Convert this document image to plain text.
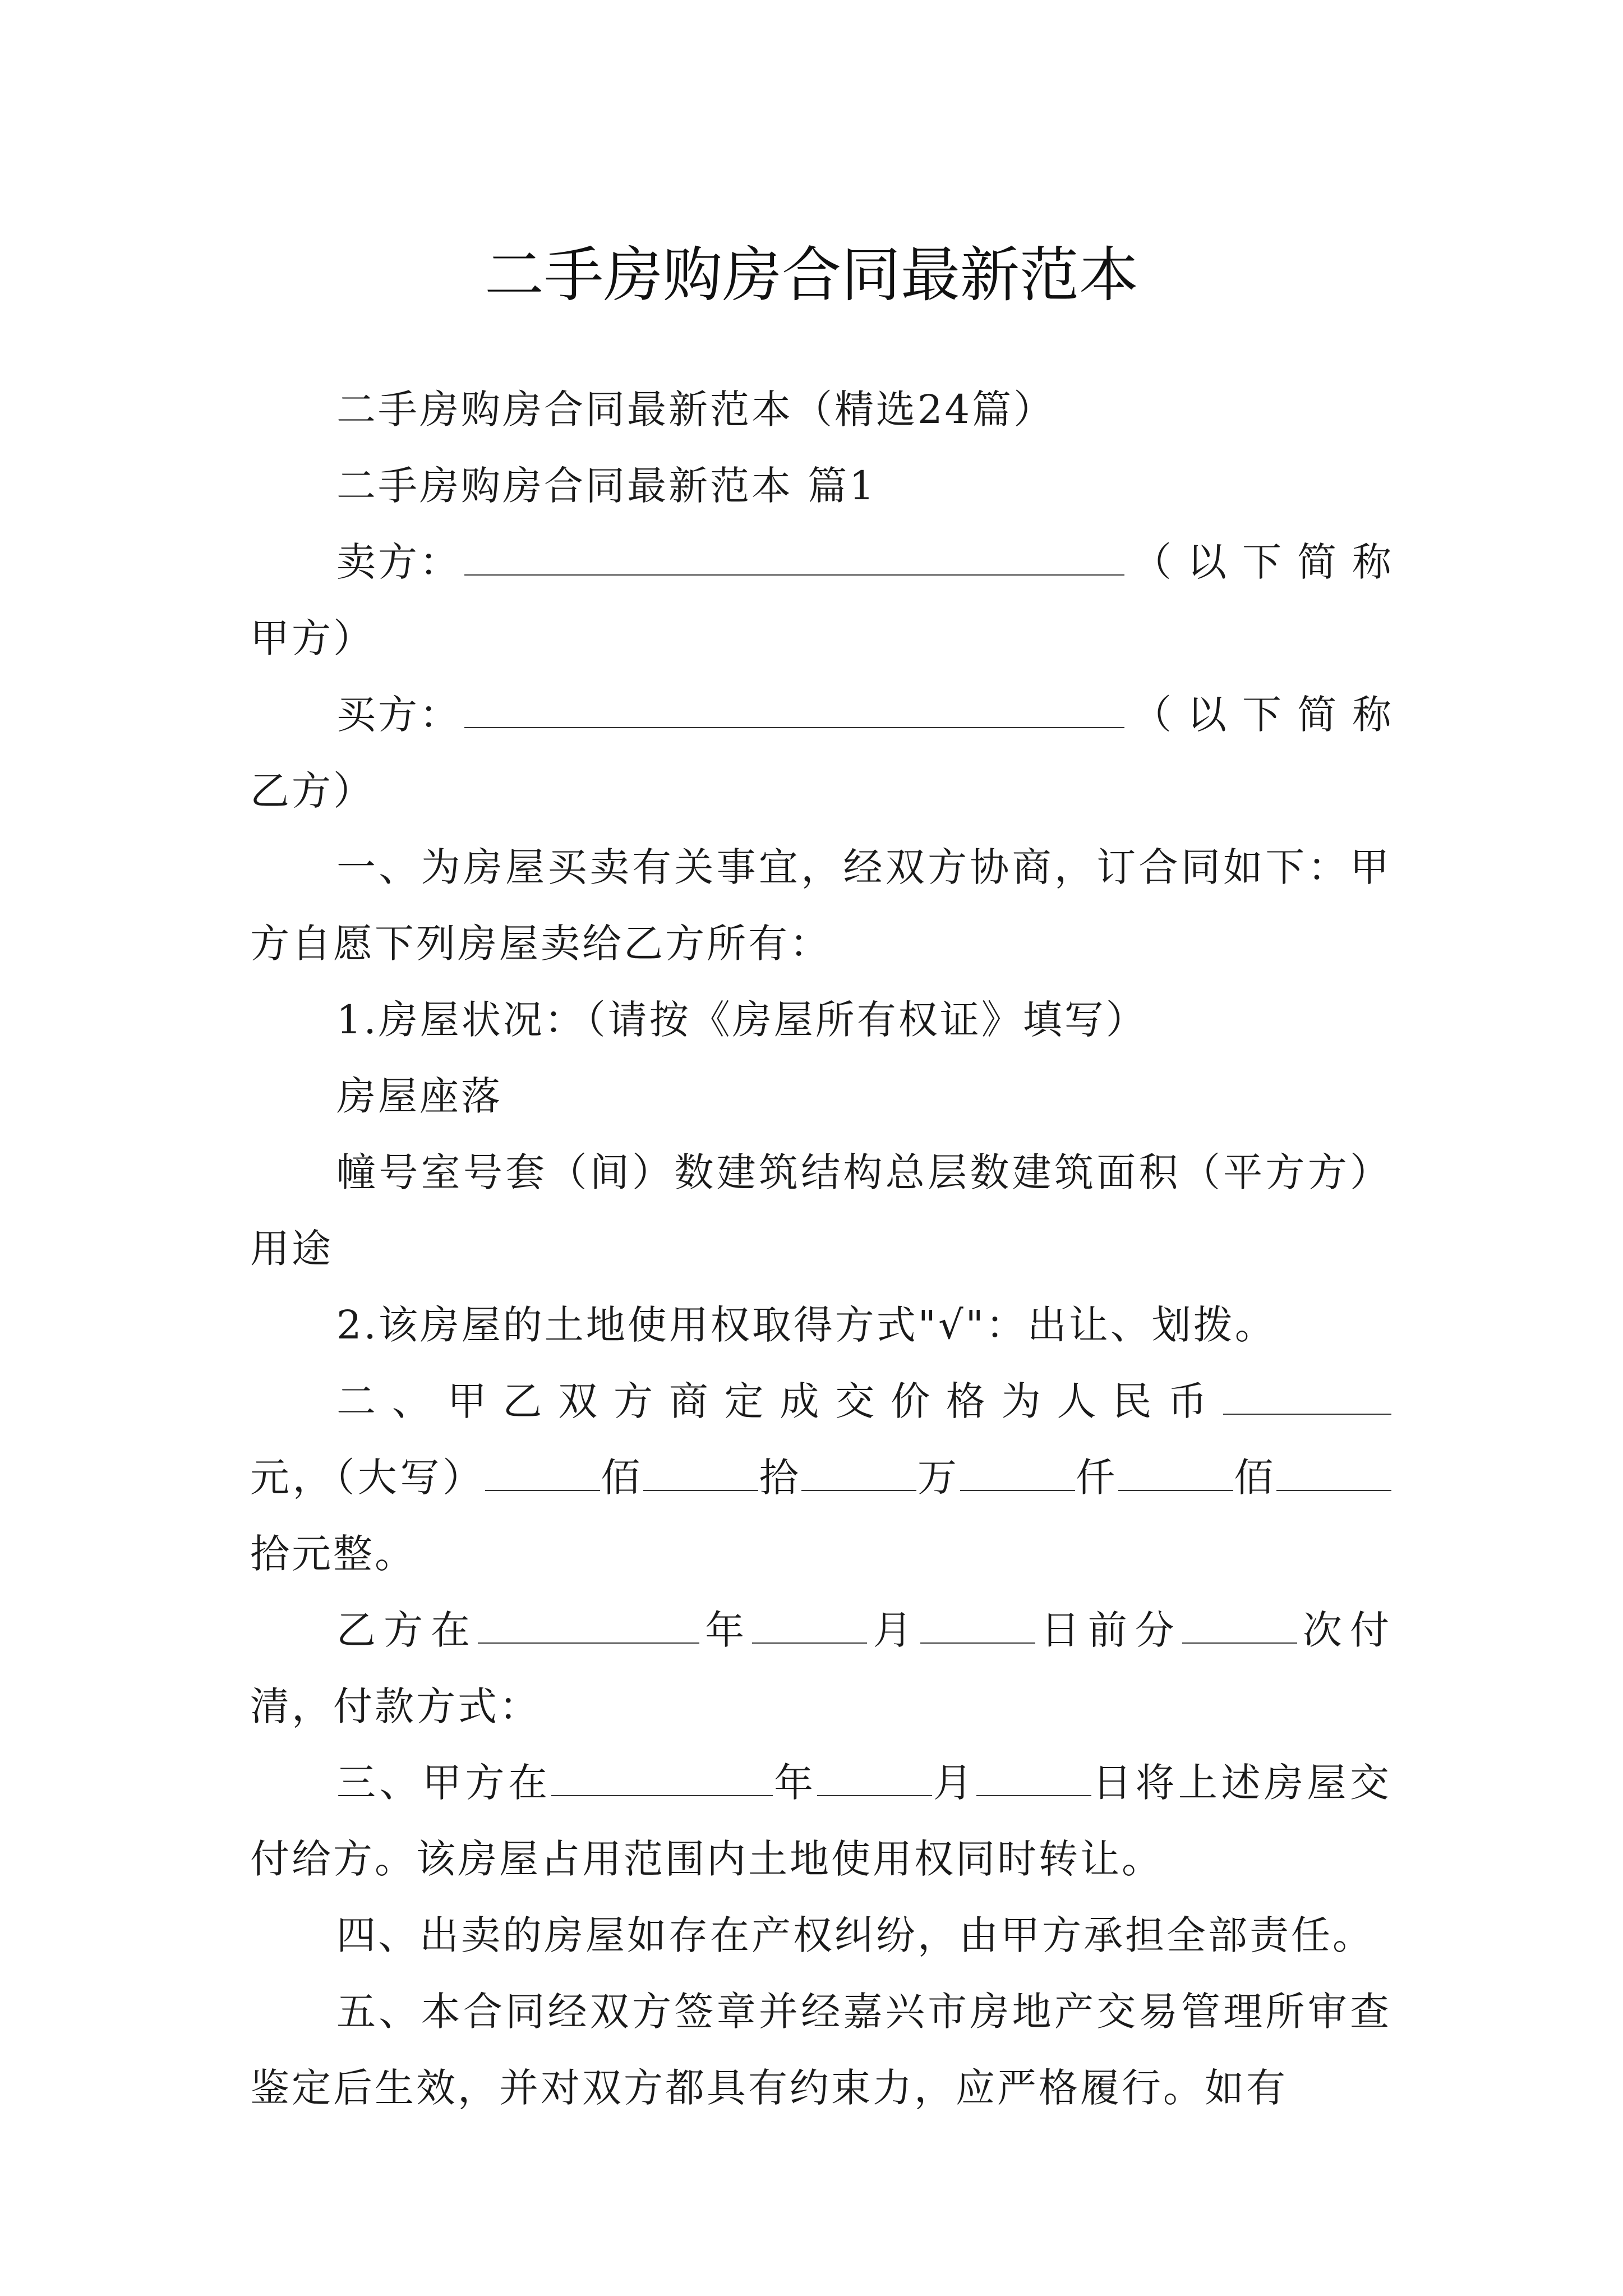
二手房购房合同最新范本

二手房购房合同最新范本（精选24篇）

二手房购房合同最新范本 篇1

卖方：	（以下简称

甲方）

买方：	（以下简称

乙方）

一、为房屋买卖有关事宜，经双方协商，订合同如下：甲方自愿下列房屋卖给乙方所有：

1.房屋状况：（请按《房屋所有权证》填写）

房屋座落

幢号室号套（间）数建筑结构总层数建筑面积（平方方）用途

2.该房屋的土地使用权取得方式"√"：出让、划拨。

二、甲乙双方商定成交价格为人民币元，（大写）	佰	拾	万	仟	佰拾元整。

乙方在	年	月	日前分	次付清，付款方式：

三、甲方在	年	月	日将上述房屋交付给方。该房屋占用范围内土地使用权同时转让。

四、出卖的房屋如存在产权纠纷，由甲方承担全部责任。

五、本合同经双方签章并经嘉兴市房地产交易管理所审查鉴定后生效，并对双方都具有约束力，应严格履行。如有
